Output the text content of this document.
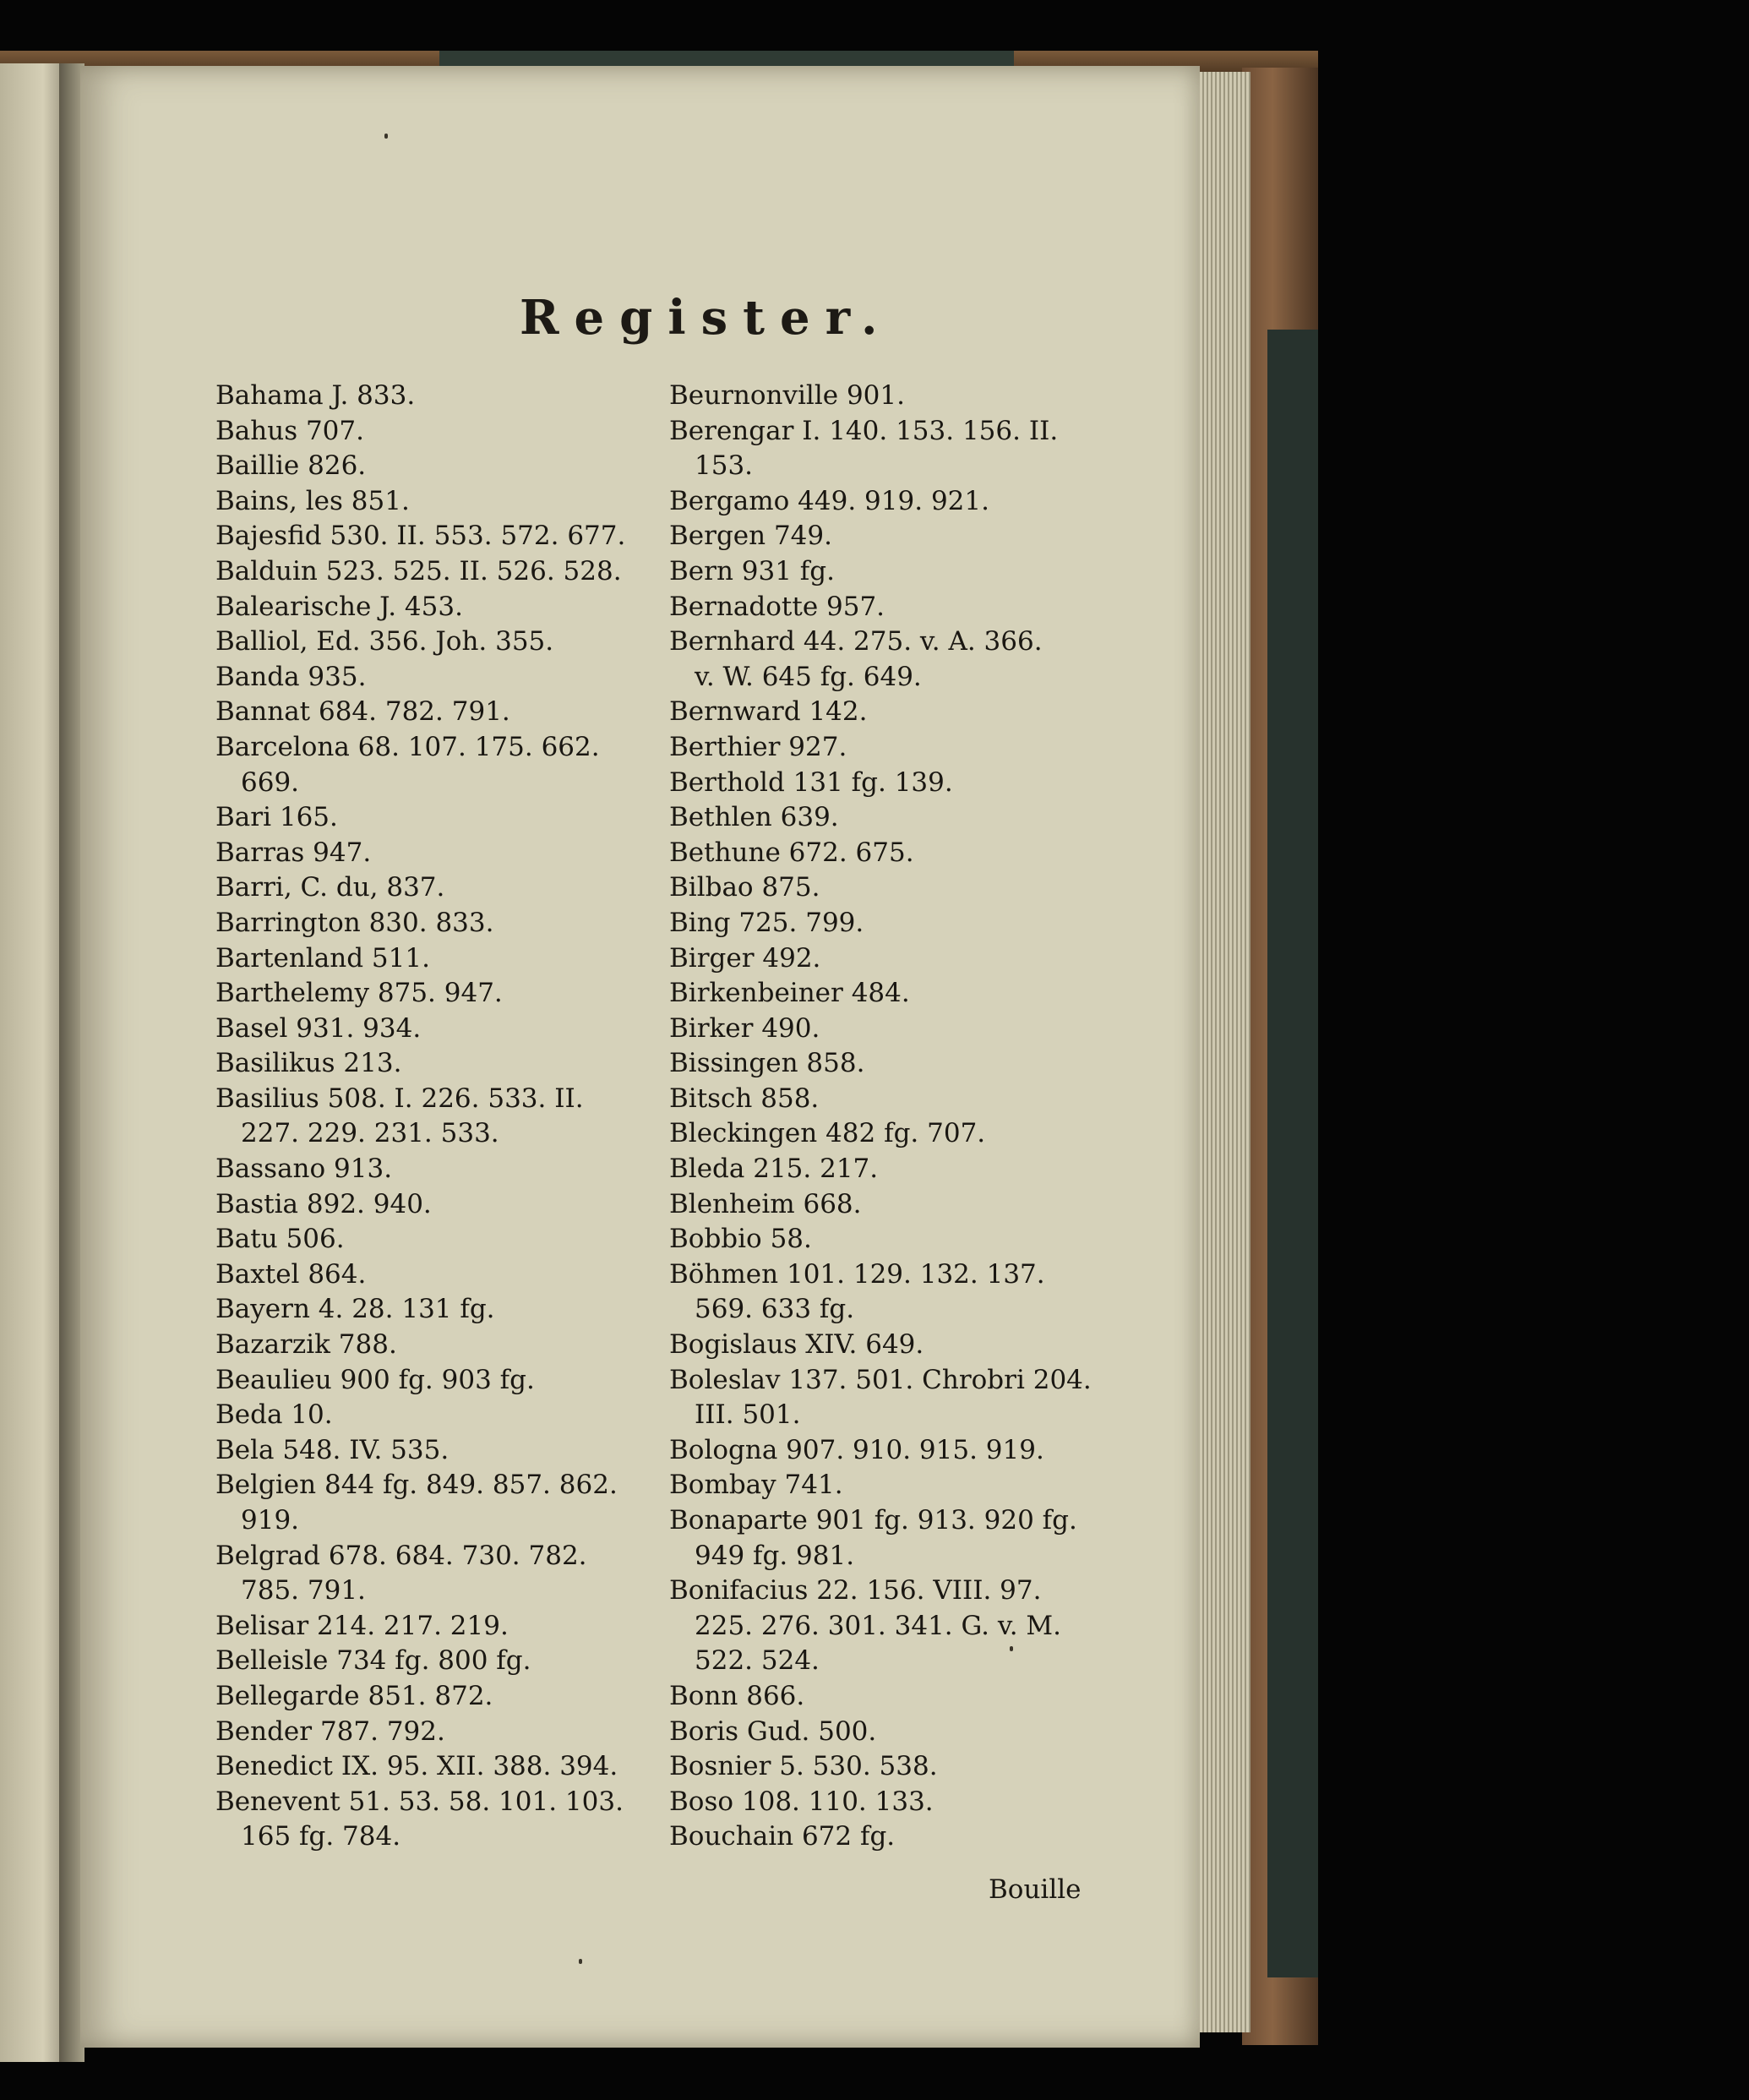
Register.
Bahama J. 833.
Bahus 707.
Baillie 826.
Bains, les 851.
Bajesfid 530. II. 553. 572. 677.
Balduin 523. 525. II. 526. 528.
Balearische J. 453.
Balliol, Ed. 356. Joh. 355.
Banda 935.
Bannat 684. 782. 791.
Barcelona 68. 107. 175. 662.
669.
Bari 165.
Barras 947.
Barri, C. du, 837.
Barrington 830. 833.
Bartenland 511.
Barthelemy 875. 947.
Basel 931. 934.
Basilikus 213.
Basilius 508. I. 226. 533. II.
227. 229. 231. 533.
Bassano 913.
Bastia 892. 940.
Batu 506.
Baxtel 864.
Bayern 4. 28. 131 fg.
Bazarzik 788.
Beaulieu 900 fg. 903 fg.
Beda 10.
Bela 548. IV. 535.
Belgien 844 fg. 849. 857. 862.
919.
Belgrad 678. 684. 730. 782.
785. 791.
Belisar 214. 217. 219.
Belleisle 734 fg. 800 fg.
Bellegarde 851. 872.
Bender 787. 792.
Benedict IX. 95. XII. 388. 394.
Benevent 51. 53. 58. 101. 103.
165 fg. 784.
Beurnonville 901.
Berengar I. 140. 153. 156. II.
153.
Bergamo 449. 919. 921.
Bergen 749.
Bern 931 fg.
Bernadotte 957.
Bernhard 44. 275. v. A. 366.
v. W. 645 fg. 649.
Bernward 142.
Berthier 927.
Berthold 131 fg. 139.
Bethlen 639.
Bethune 672. 675.
Bilbao 875.
Bing 725. 799.
Birger 492.
Birkenbeiner 484.
Birker 490.
Bissingen 858.
Bitsch 858.
Bleckingen 482 fg. 707.
Bleda 215. 217.
Blenheim 668.
Bobbio 58.
Böhmen 101. 129. 132. 137.
569. 633 fg.
Bogislaus XIV. 649.
Boleslav 137. 501. Chrobri 204.
III. 501.
Bologna 907. 910. 915. 919.
Bombay 741.
Bonaparte 901 fg. 913. 920 fg.
949 fg. 981.
Bonifacius 22. 156. VIII. 97.
225. 276. 301. 341. G. v. M.
522. 524.
Bonn 866.
Boris Gud. 500.
Bosnier 5. 530. 538.
Boso 108. 110. 133.
Bouchain 672 fg.
Bouille
